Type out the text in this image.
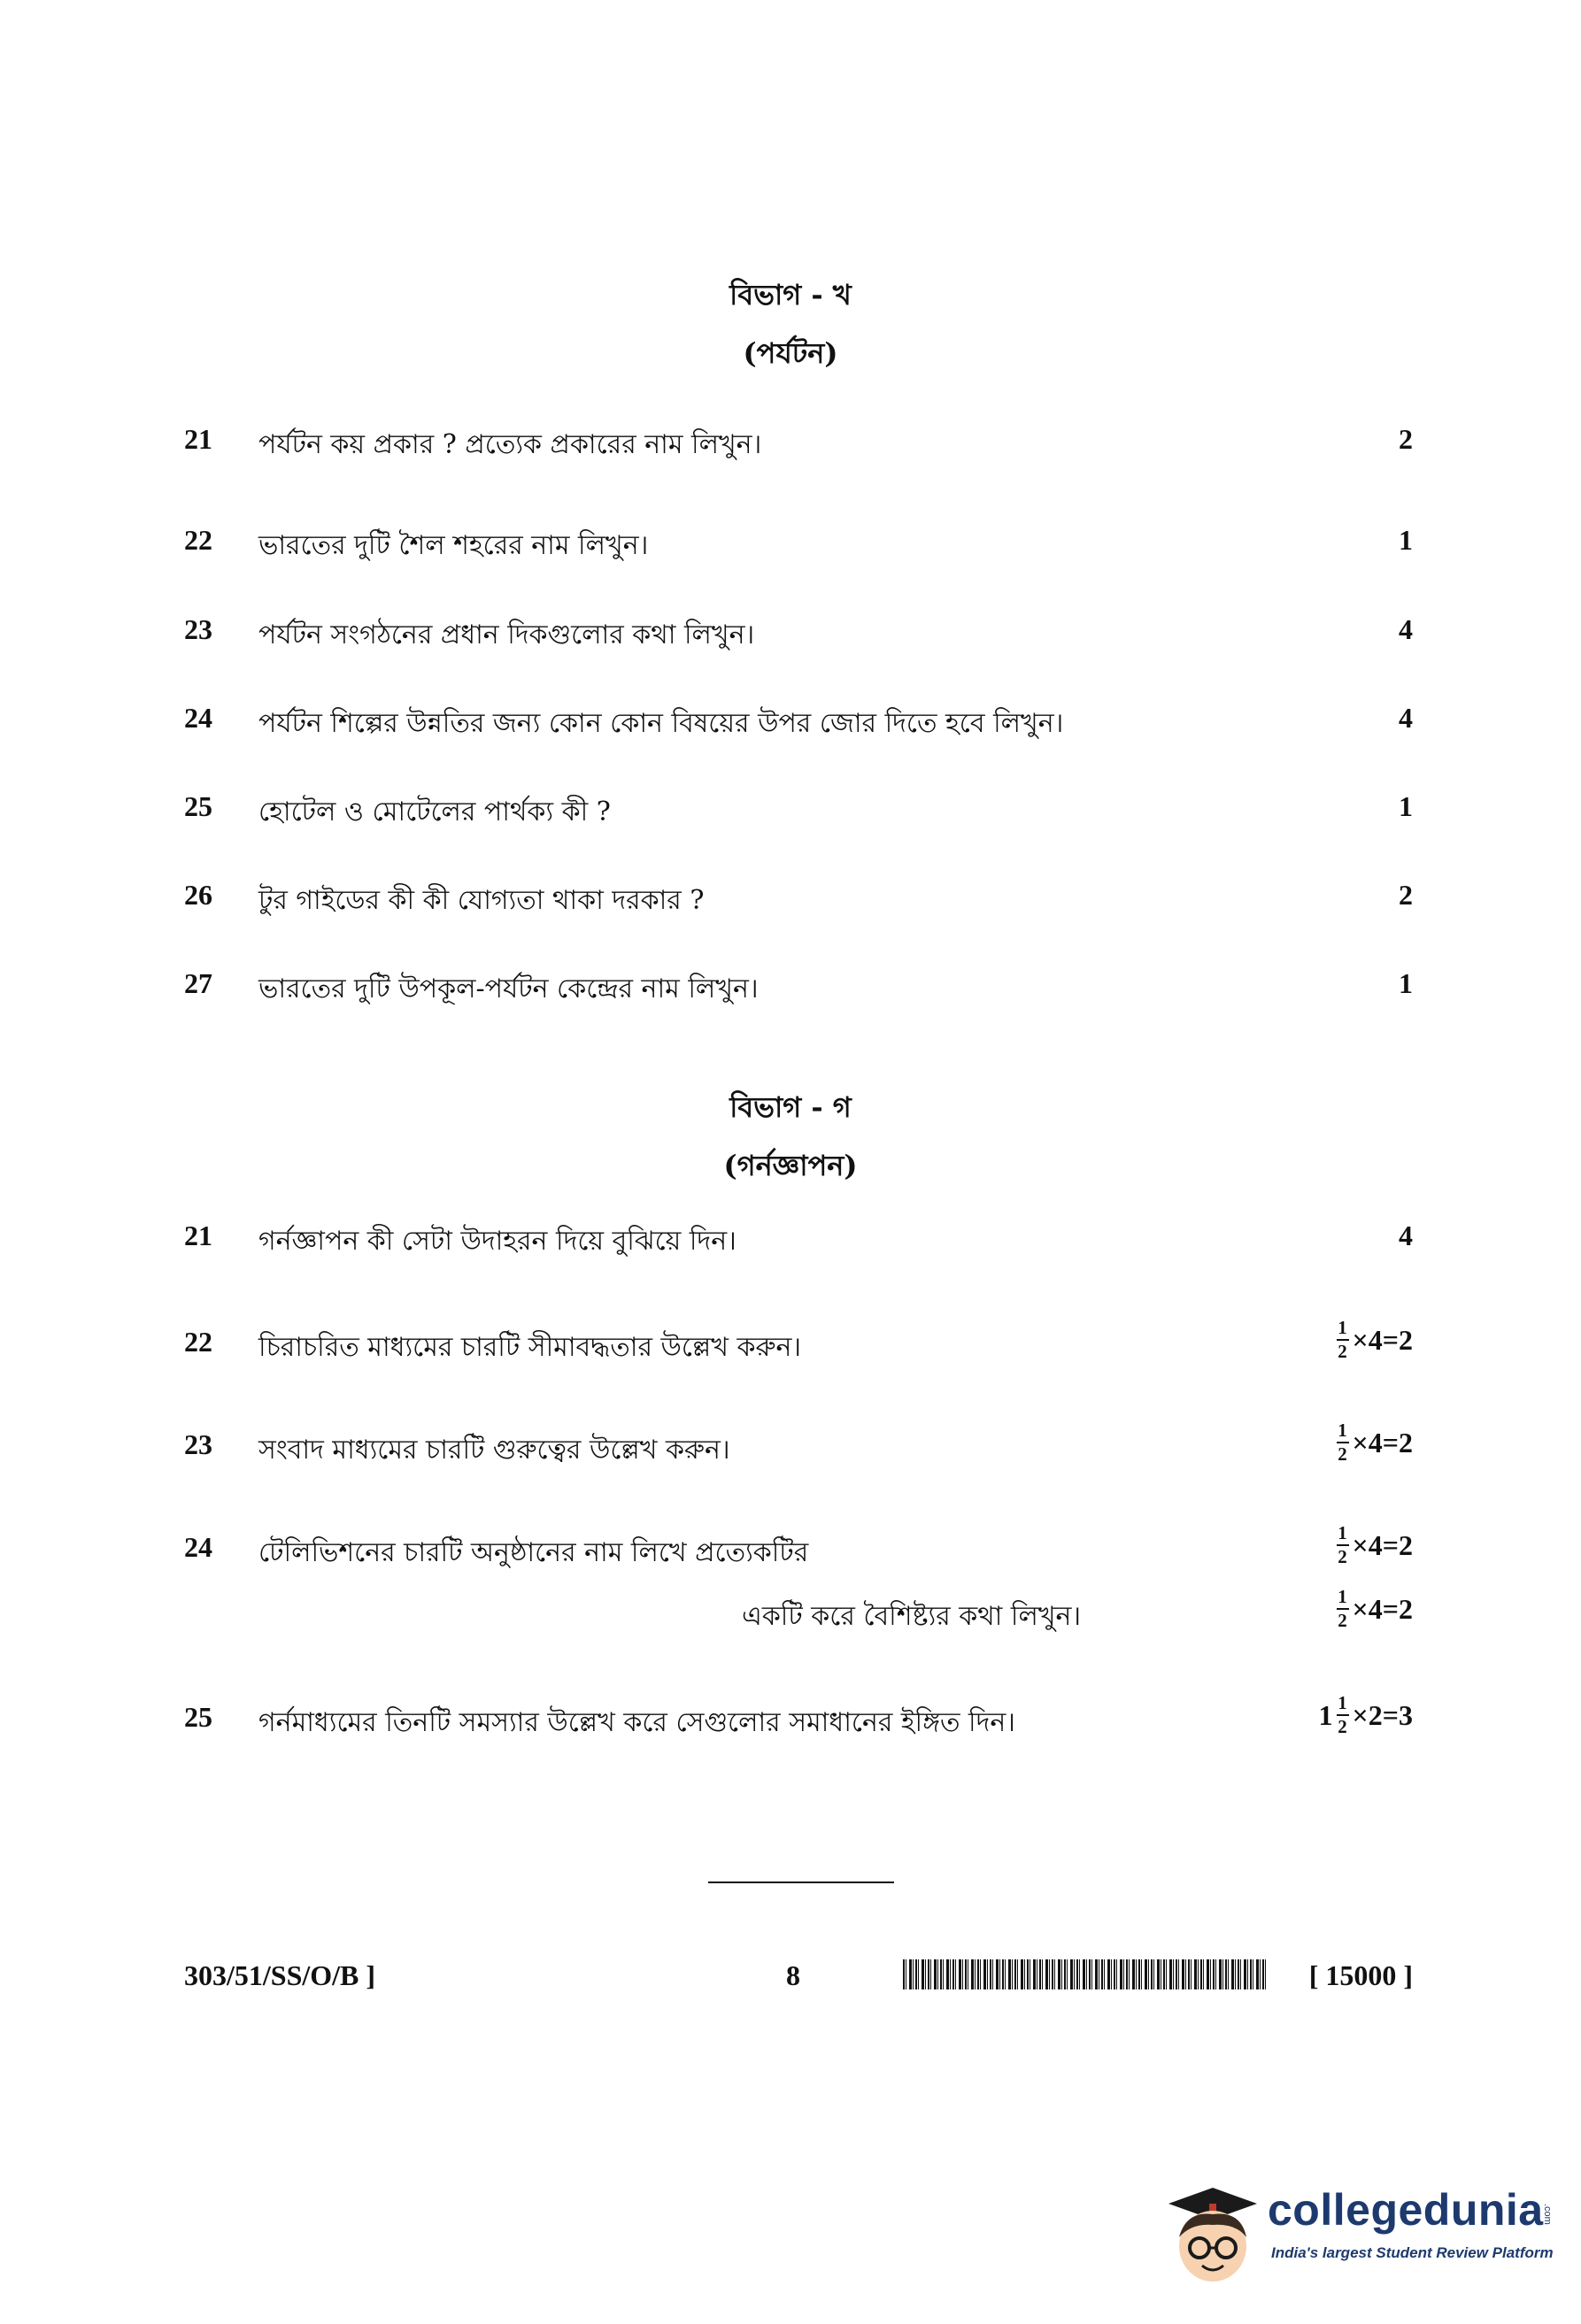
বিভাগ - খ
(পর্যটন)
21 পর্যটন কয় প্রকার ? প্রত্যেক প্রকারের নাম লিখুন।	2
22 ভারতের দুটি শৈল শহরের নাম লিখুন।	1
23 পর্যটন সংগঠনের প্রধান দিকগুলোর কথা লিখুন।	4
24 পর্যটন শিল্পের উন্নতির জন্য কোন কোন বিষয়ের উপর জোর দিতে হবে লিখুন।	4
25 হোটেল ও মোটেলের পার্থক্য কী ?	1
26 টুর গাইডের কী কী যোগ্যতা থাকা দরকার ?	2
27 ভারতের দুটি উপকূল-পর্যটন কেন্দ্রের নাম লিখুন।	1
বিভাগ - গ
(গর্নজ্ঞাপন)
21 গর্নজ্ঞাপন কী সেটা উদাহরন দিয়ে বুঝিয়ে দিন।	4
22 চিরাচরিত মাধ্যমের চারটি সীমাবদ্ধতার উল্লেখ করুন।	$\frac{1}{2} \times 4=2$
23 সংবাদ মাধ্যমের চারটি গুরুত্বের উল্লেখ করুন।	$\frac{1}{2} \times 4=2$
24 টেলিভিশনের চারটি অনুষ্ঠানের নাম লিখে প্রত্যেকটির	$\frac{1}{2} \times 4=2$
একটি করে বৈশিষ্ট্যর কথা লিখুন।	$\frac{1}{2} \times 4=2$
25 গর্নমাধ্যমের তিনটি সমস্যার উল্লেখ করে সেগুলোর সমাধানের ইঙ্গিত দিন।	$1 \frac{1}{2} \times 2=3$
303/51/SS/O/B ]	8	[ 15000 ]
collegedunia
.com
India's largest Student Review Platform
